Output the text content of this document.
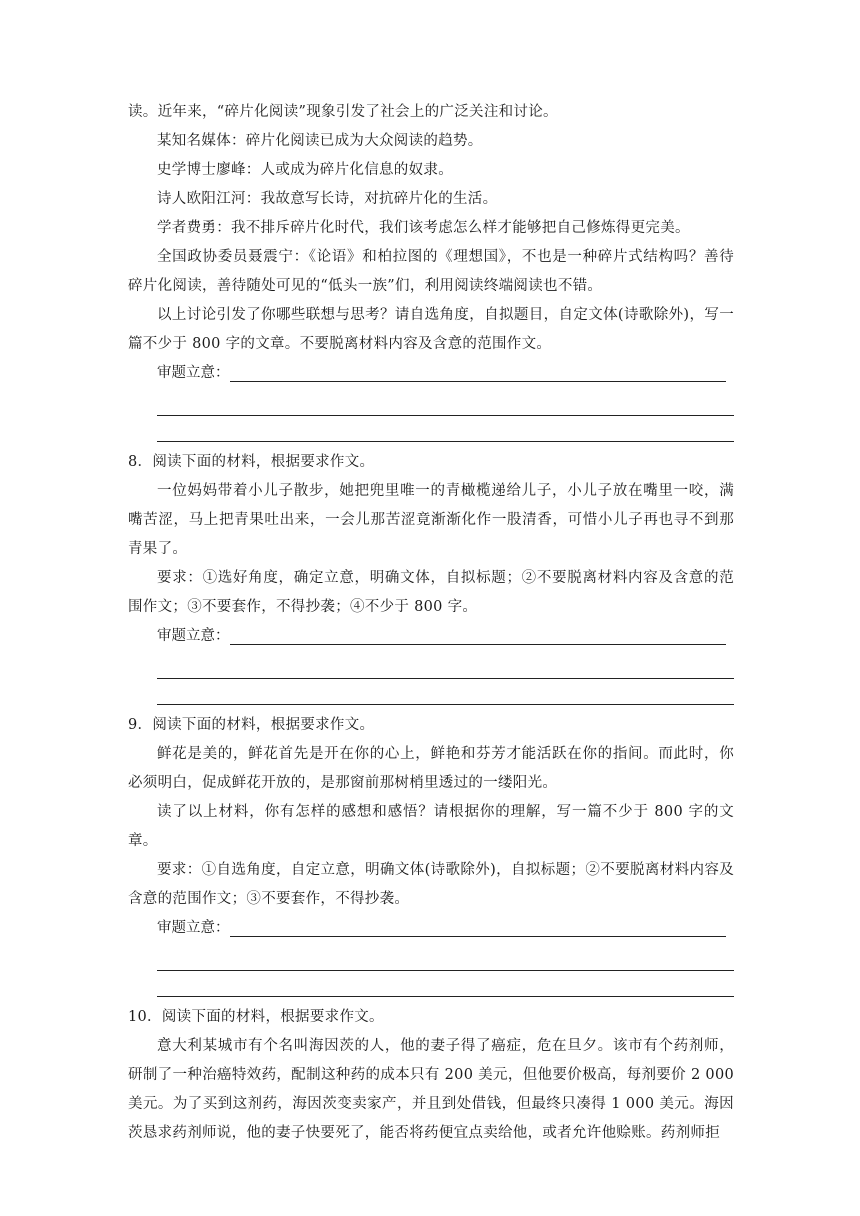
读。近年来，“碎片化阅读”现象引发了社会上的广泛关注和讨论。

某知名媒体：碎片化阅读已成为大众阅读的趋势。

史学博士廖峰：人或成为碎片化信息的奴隶。

诗人欧阳江河：我故意写长诗，对抗碎片化的生活。

学者费勇：我不排斥碎片化时代，我们该考虑怎么样才能够把自己修炼得更完美。

全国政协委员聂震宁：《论语》和柏拉图的《理想国》，不也是一种碎片式结构吗？善待碎片化阅读，善待随处可见的“低头一族”们，利用阅读终端阅读也不错。

以上讨论引发了你哪些联想与思考？请自选角度，自拟题目，自定文体(诗歌除外)，写一篇不少于 800 字的文章。不要脱离材料内容及含意的范围作文。

审题立意：

8．阅读下面的材料，根据要求作文。

一位妈妈带着小儿子散步，她把兜里唯一的青橄榄递给儿子，小儿子放在嘴里一咬，满嘴苦涩，马上把青果吐出来，一会儿那苦涩竟渐渐化作一股清香，可惜小儿子再也寻不到那青果了。

要求：①选好角度，确定立意，明确文体，自拟标题；②不要脱离材料内容及含意的范围作文；③不要套作，不得抄袭；④不少于 800 字。

审题立意：

9．阅读下面的材料，根据要求作文。

鲜花是美的，鲜花首先是开在你的心上，鲜艳和芬芳才能活跃在你的指间。而此时，你必须明白，促成鲜花开放的，是那窗前那树梢里透过的一缕阳光。

读了以上材料，你有怎样的感想和感悟？请根据你的理解，写一篇不少于 800 字的文章。

要求：①自选角度，自定立意，明确文体(诗歌除外)，自拟标题；②不要脱离材料内容及含意的范围作文；③不要套作，不得抄袭。

审题立意：

10．阅读下面的材料，根据要求作文。

意大利某城市有个名叫海因茨的人，他的妻子得了癌症，危在旦夕。该市有个药剂师，研制了一种治癌特效药，配制这种药的成本只有 200 美元，但他要价极高，每剂要价 2 000 美元。为了买到这剂药，海因茨变卖家产，并且到处借钱，但最终只凑得 1 000 美元。海因茨恳求药剂师说，他的妻子快要死了，能否将药便宜点卖给他，或者允许他赊账。药剂师拒
